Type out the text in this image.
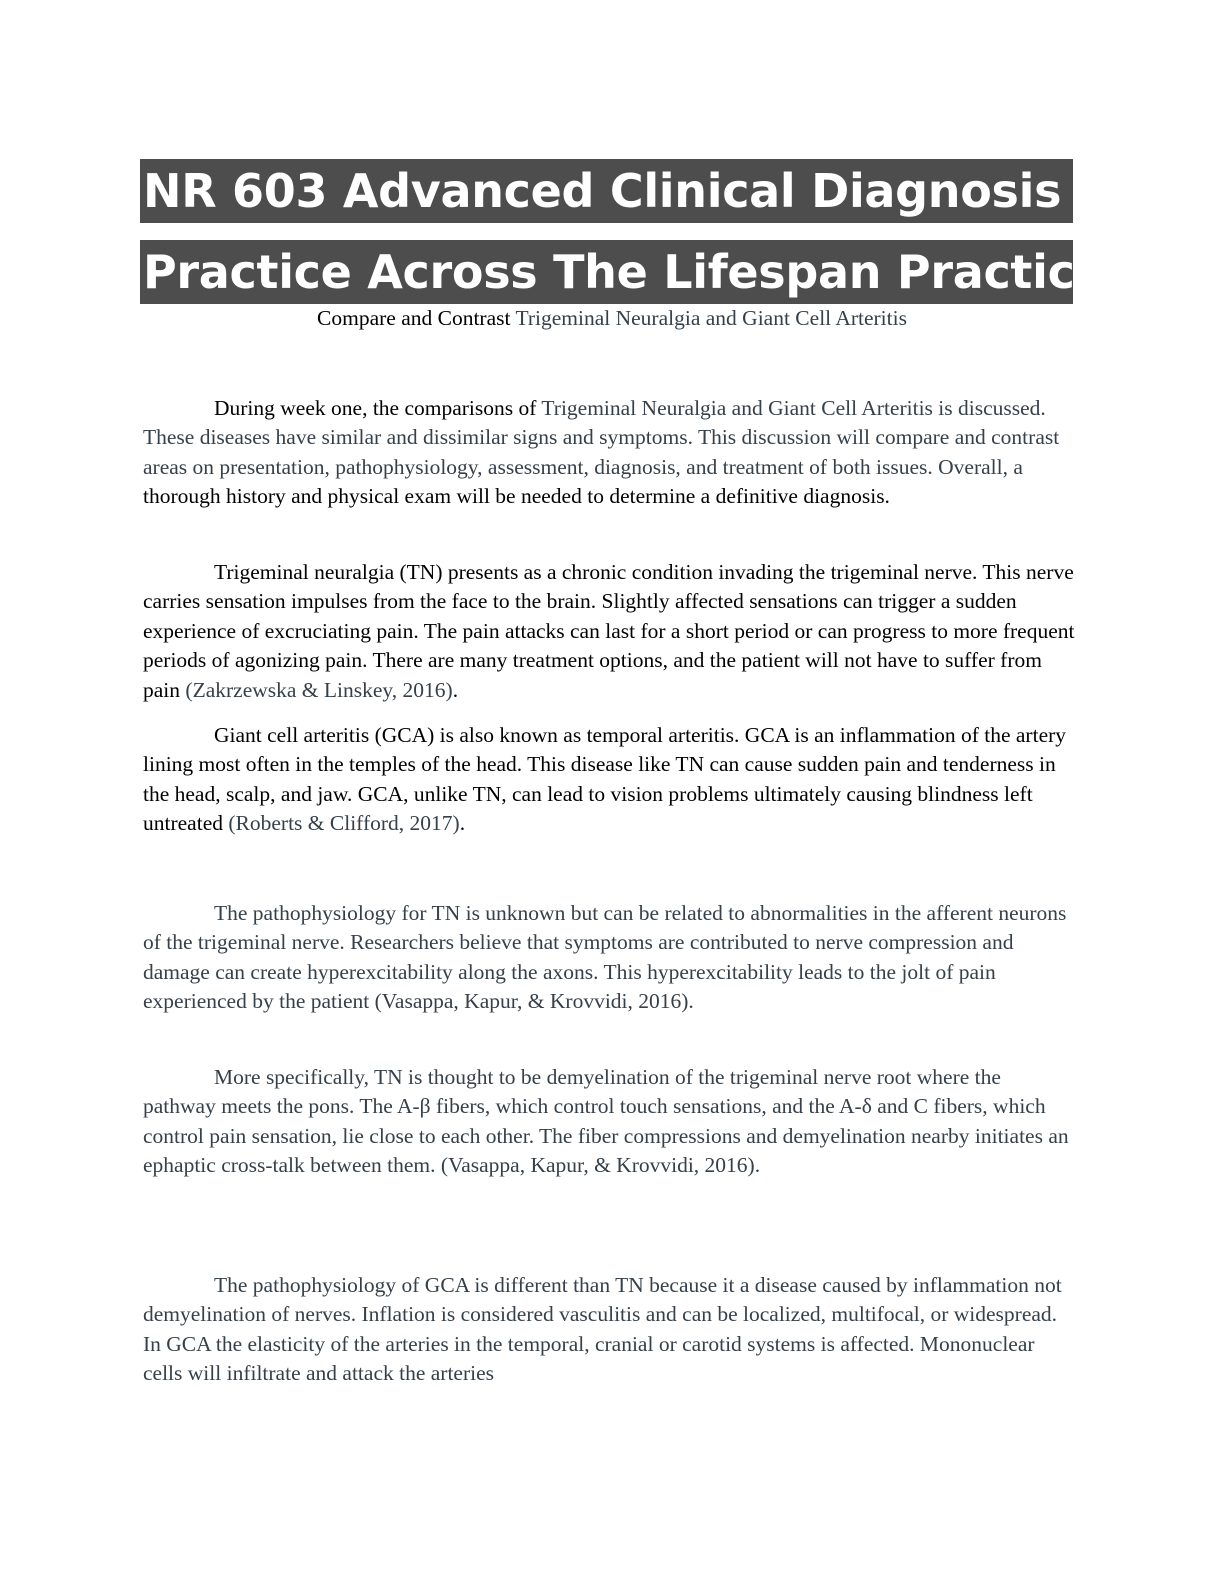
NR 603 Advanced Clinical Diagnosis And
Practice Across The Lifespan Practicum
Compare and Contrast Trigeminal Neuralgia and Giant Cell Arteritis

During week one, the comparisons of Trigeminal Neuralgia and Giant Cell Arteritis is discussed. These diseases have similar and dissimilar signs and symptoms. This discussion will compare and contrast areas on presentation, pathophysiology, assessment, diagnosis, and treatment of both issues. Overall, a thorough history and physical exam will be needed to determine a definitive diagnosis.

Trigeminal neuralgia (TN) presents as a chronic condition invading the trigeminal nerve. This nerve carries sensation impulses from the face to the brain. Slightly affected sensations can trigger a sudden experience of excruciating pain. The pain attacks can last for a short period or can progress to more frequent periods of agonizing pain. There are many treatment options, and the patient will not have to suffer from pain (Zakrzewska & Linskey, 2016).

Giant cell arteritis (GCA) is also known as temporal arteritis. GCA is an inflammation of the artery lining most often in the temples of the head. This disease like TN can cause sudden pain and tenderness in the head, scalp, and jaw. GCA, unlike TN, can lead to vision problems ultimately causing blindness left untreated (Roberts & Clifford, 2017).

The pathophysiology for TN is unknown but can be related to abnormalities in the afferent neurons of the trigeminal nerve. Researchers believe that symptoms are contributed to nerve compression and damage can create hyperexcitability along the axons. This hyperexcitability leads to the jolt of pain experienced by the patient (Vasappa, Kapur, & Krovvidi, 2016).

More specifically, TN is thought to be demyelination of the trigeminal nerve root where the pathway meets the pons. The A-β fibers, which control touch sensations, and the A-δ and C fibers, which control pain sensation, lie close to each other. The fiber compressions and demyelination nearby initiates an ephaptic cross-talk between them. (Vasappa, Kapur, & Krovvidi, 2016).

The pathophysiology of GCA is different than TN because it a disease caused by inflammation not demyelination of nerves. Inflation is considered vasculitis and can be localized, multifocal, or widespread. In GCA the elasticity of the arteries in the temporal, cranial or carotid systems is affected. Mononuclear cells will infiltrate and attack the arteries
